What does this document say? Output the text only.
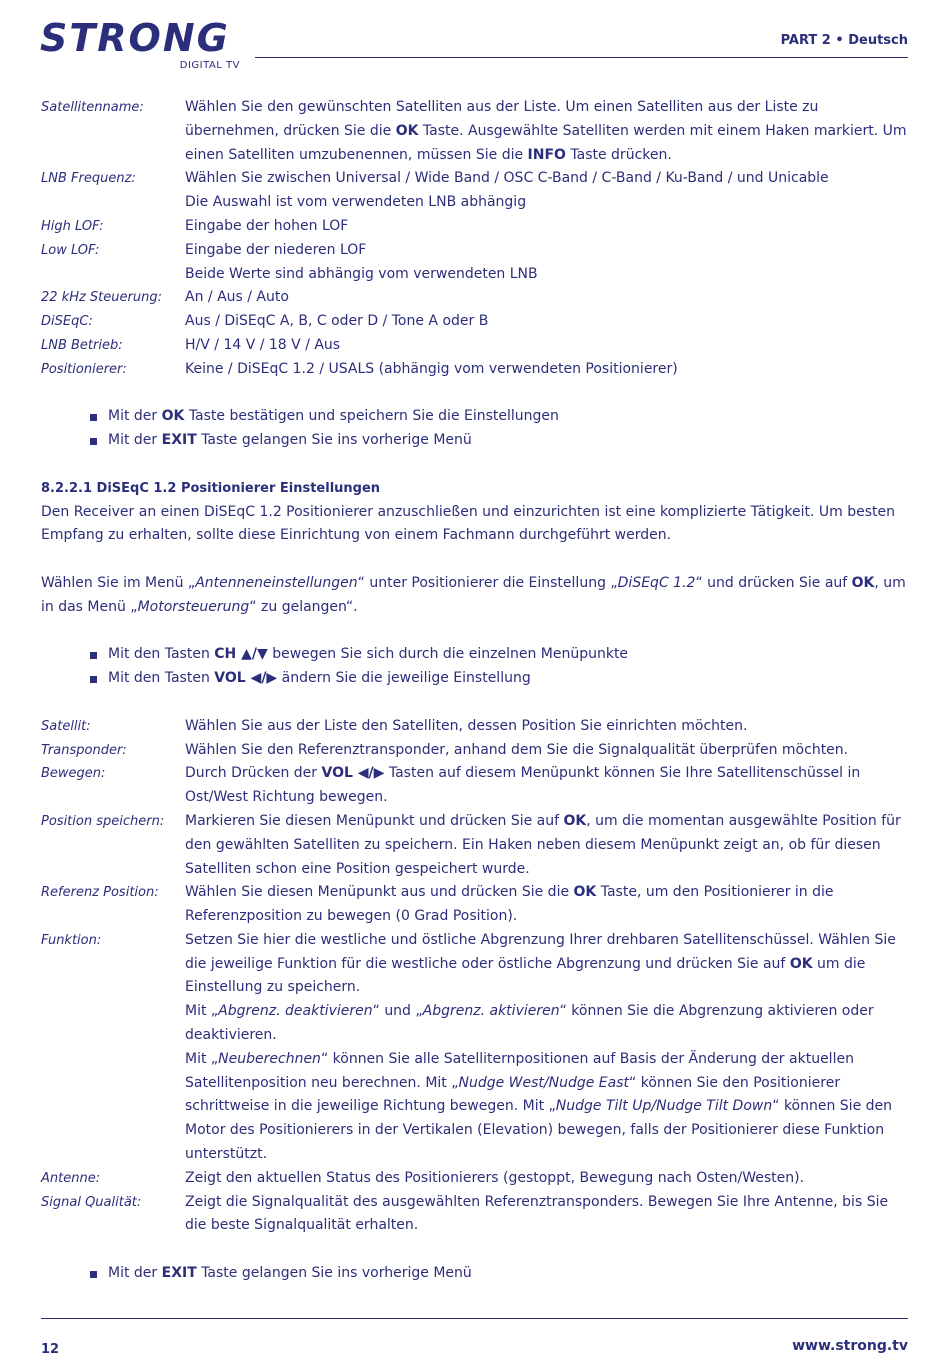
STRONG
DIGITAL TV
PART 2 • Deutsch
Satellitenname:	Wählen Sie den gewünschten Satelliten aus der Liste. Um einen Satelliten aus der Liste zu übernehmen, drücken Sie die OK Taste. Ausgewählte Satelliten werden mit einem Haken markiert. Um einen Satelliten umzubenennen, müssen Sie die INFO Taste drücken.
LNB Frequenz:	Wählen Sie zwischen Universal / Wide Band / OSC C-Band / C-Band / Ku-Band / und Unicable
Die Auswahl ist vom verwendeten LNB abhängig
High LOF:	Eingabe der hohen LOF
Low LOF:	Eingabe der niederen LOF
Beide Werte sind abhängig vom verwendeten LNB
22 kHz Steuerung:	An / Aus / Auto
DiSEqC:	Aus / DiSEqC A, B, C oder D / Tone A oder B
LNB Betrieb:	H/V / 14 V / 18 V / Aus
Positionierer:	Keine / DiSEqC 1.2 / USALS (abhängig vom verwendeten Positionierer)
Mit der OK Taste bestätigen und speichern Sie die Einstellungen
Mit der EXIT Taste gelangen Sie ins vorherige Menü
8.2.2.1 DiSEqC 1.2 Positionierer Einstellungen
Den Receiver an einen DiSEqC 1.2 Positionierer anzuschließen und einzurichten ist eine komplizierte Tätigkeit. Um besten Empfang zu erhalten, sollte diese Einrichtung von einem Fachmann durchgeführt werden.
Wählen Sie im Menü „Antenneneinstellungen“ unter Positionierer die Einstellung „DiSEqC 1.2“ und drücken Sie auf OK, um in das Menü „Motorsteuerung“ zu gelangen“.
Mit den Tasten CH ▲/▼ bewegen Sie sich durch die einzelnen Menüpunkte
Mit den Tasten VOL ◀/▶ ändern Sie die jeweilige Einstellung
Satellit:	Wählen Sie aus der Liste den Satelliten, dessen Position Sie einrichten möchten.
Transponder:	Wählen Sie den Referenztransponder, anhand dem Sie die Signalqualität überprüfen möchten.
Bewegen:	Durch Drücken der VOL ◀/▶ Tasten auf diesem Menüpunkt können Sie Ihre Satellitenschüssel in Ost/West Richtung bewegen.
Position speichern:	Markieren Sie diesen Menüpunkt und drücken Sie auf OK, um die momentan ausgewählte Position für den gewählten Satelliten zu speichern. Ein Haken neben diesem Menüpunkt zeigt an, ob für diesen Satelliten schon eine Position gespeichert wurde.
Referenz Position:	Wählen Sie diesen Menüpunkt aus und drücken Sie die OK Taste, um den Positionierer in die Referenzposition zu bewegen (0 Grad Position).
Funktion:	Setzen Sie hier die westliche und östliche Abgrenzung Ihrer drehbaren Satellitenschüssel. Wählen Sie die jeweilige Funktion für die westliche oder östliche Abgrenzung und drücken Sie auf OK um die Einstellung zu speichern.
Mit „Abgrenz. deaktivieren“ und „Abgrenz. aktivieren“ können Sie die Abgrenzung aktivieren oder deaktivieren.
Mit „Neuberechnen“ können Sie alle Satelliternpositionen auf Basis der Änderung der aktuellen Satellitenposition neu berechnen. Mit „Nudge West/Nudge East“ können Sie den Positionierer schrittweise in die jeweilige Richtung bewegen. Mit „Nudge Tilt Up/Nudge Tilt Down“ können Sie den Motor des Positionierers in der Vertikalen (Elevation) bewegen, falls der Positionierer diese Funktion unterstützt.
Antenne:	Zeigt den aktuellen Status des Positionierers (gestoppt, Bewegung nach Osten/Westen).
Signal Qualität:	Zeigt die Signalqualität des ausgewählten Referenztransponders. Bewegen Sie Ihre Antenne, bis Sie die beste Signalqualität erhalten.
Mit der EXIT Taste gelangen Sie ins vorherige Menü
12	www.strong.tv
